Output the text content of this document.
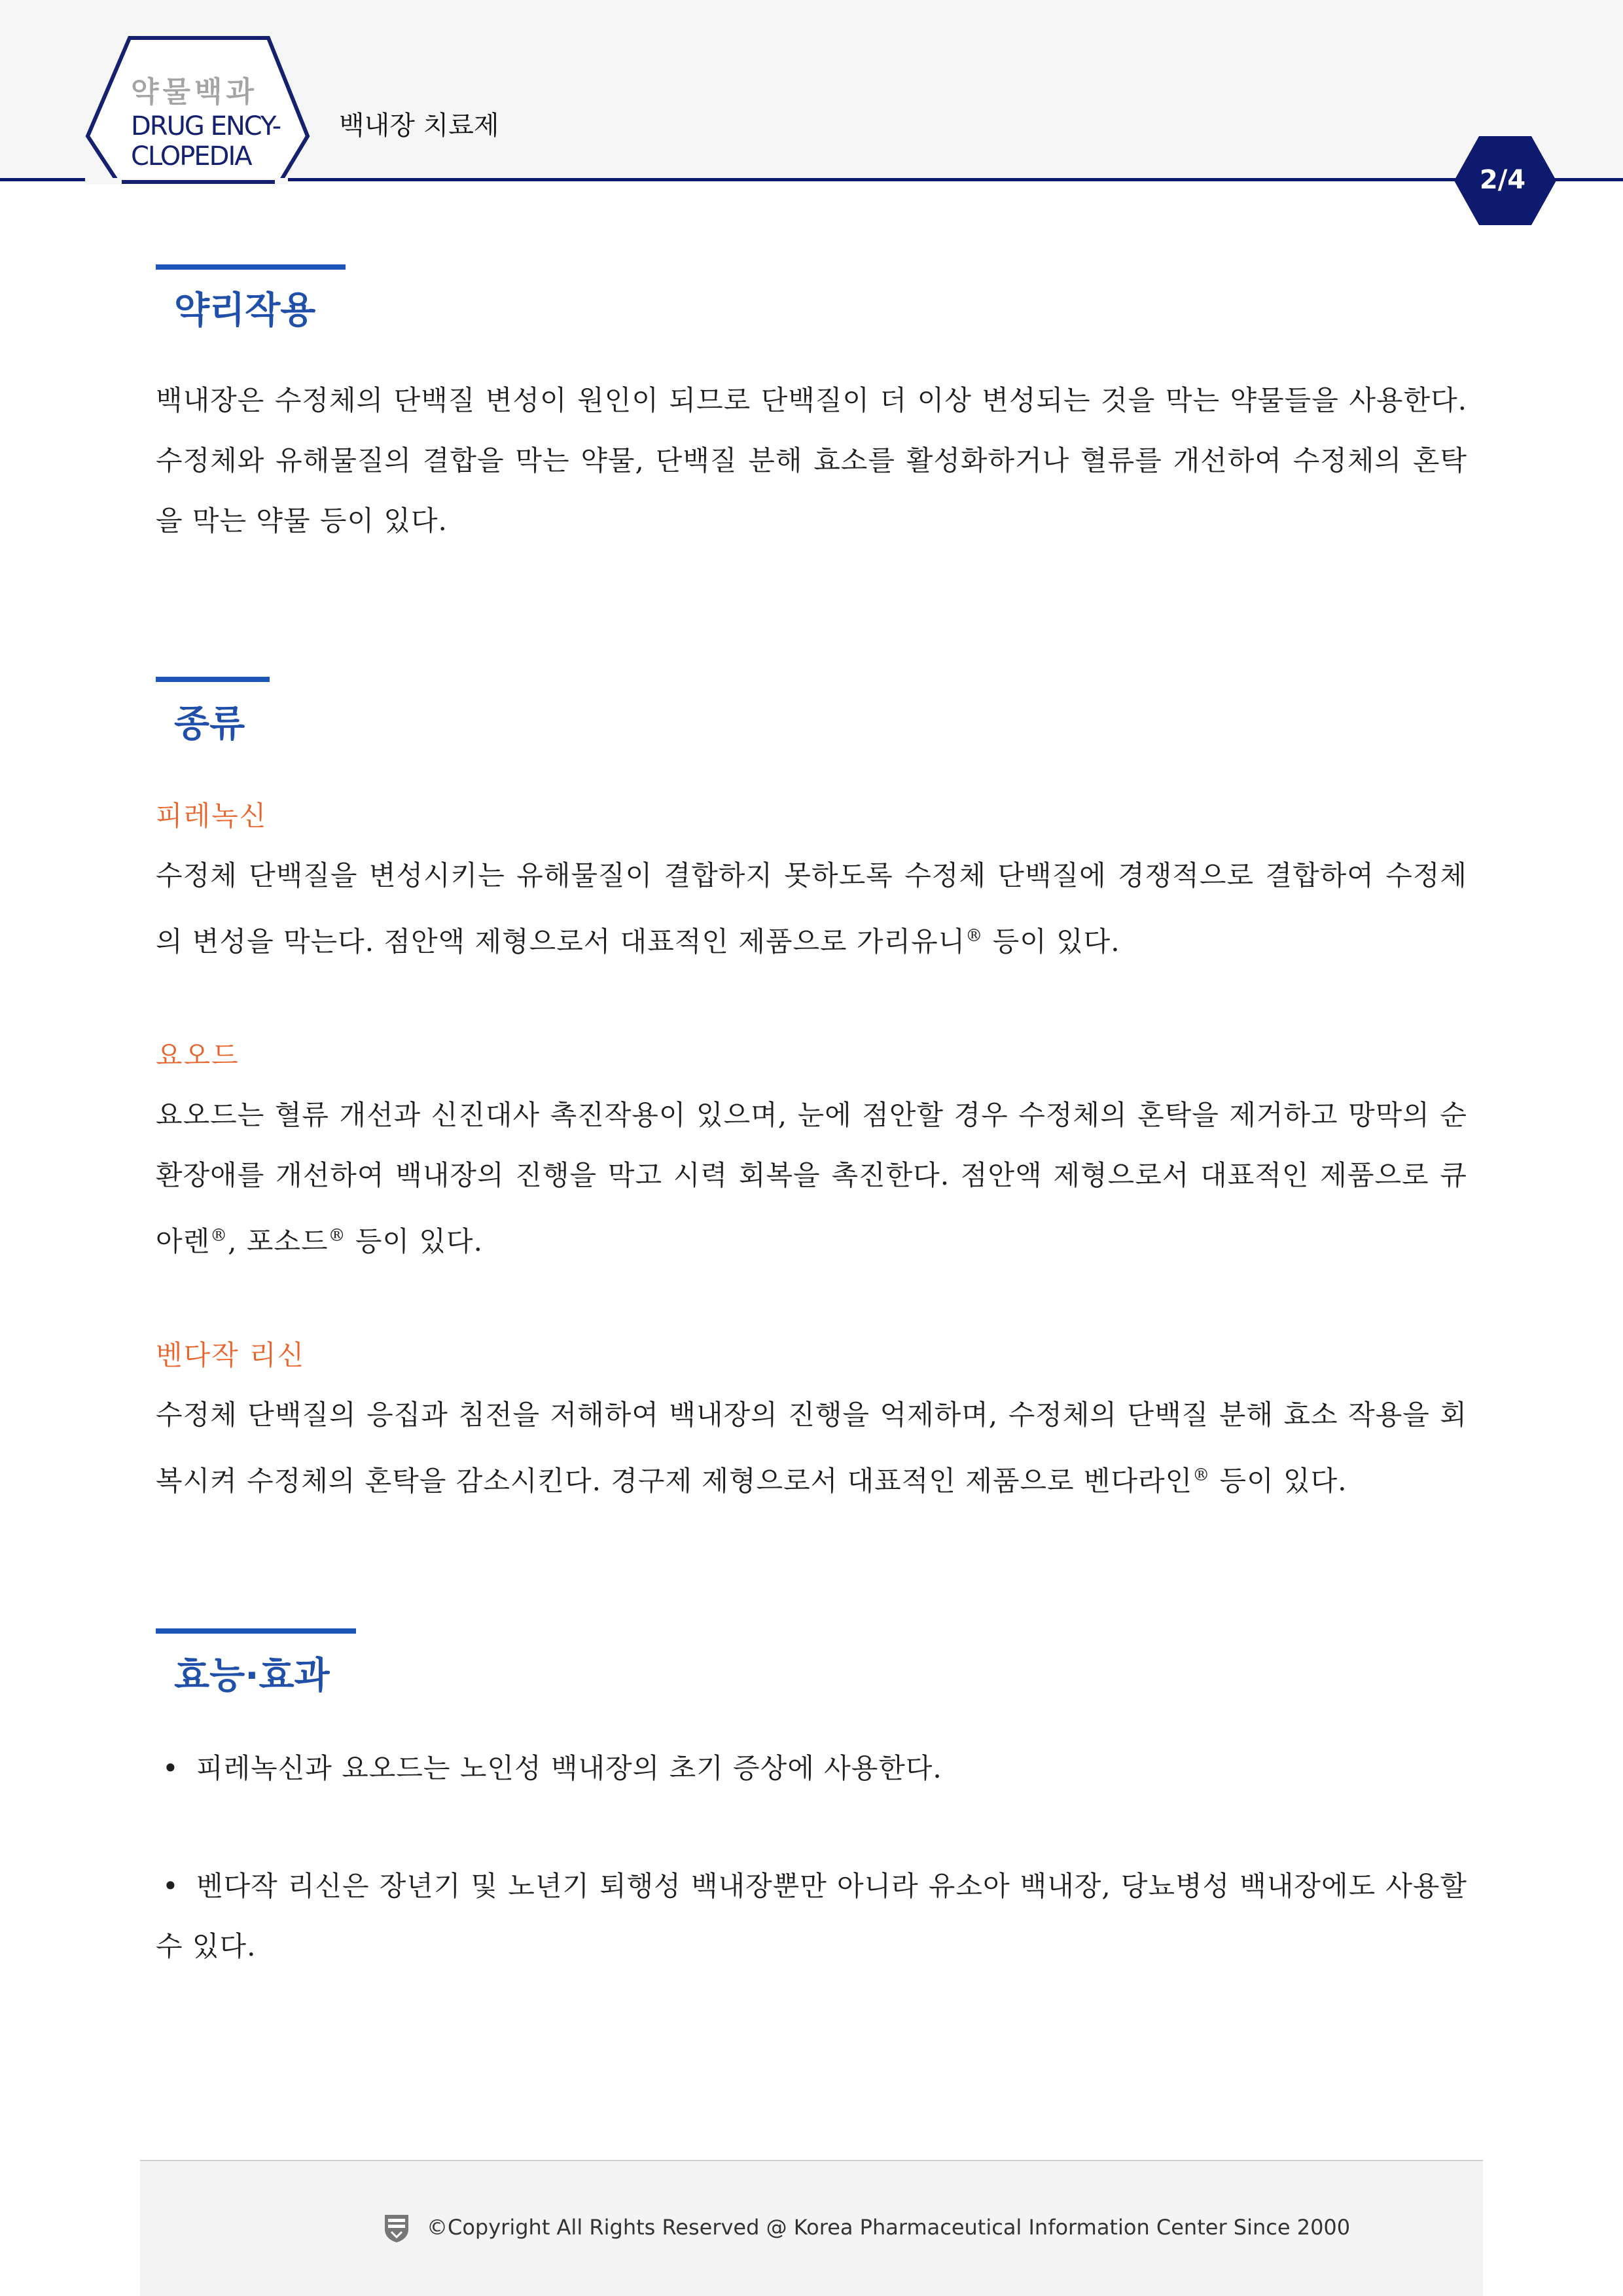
약물백과
DRUG ENCY-
CLOPEDIA
백내장 치료제
2/4
약리작용

백내장은 수정체의 단백질 변성이 원인이 되므로 단백질이 더 이상 변성되는 것을 막는 약물들을 사용한다. 수정체와 유해물질의 결합을 막는 약물, 단백질 분해 효소를 활성화하거나 혈류를 개선하여 수정체의 혼탁을 막는 약물 등이 있다.

종류
피레녹신

수정체 단백질을 변성시키는 유해물질이 결합하지 못하도록 수정체 단백질에 경쟁적으로 결합하여 수정체의 변성을 막는다. 점안액 제형으로서 대표적인 제품으로 가리유니® 등이 있다.

요오드

요오드는 혈류 개선과 신진대사 촉진작용이 있으며, 눈에 점안할 경우 수정체의 혼탁을 제거하고 망막의 순환장애를 개선하여 백내장의 진행을 막고 시력 회복을 촉진한다. 점안액 제형으로서 대표적인 제품으로 큐아렌®, 포소드® 등이 있다.

벤다작 리신

수정체 단백질의 응집과 침전을 저해하여 백내장의 진행을 억제하며, 수정체의 단백질 분해 효소 작용을 회복시켜 수정체의 혼탁을 감소시킨다. 경구제 제형으로서 대표적인 제품으로 벤다라인® 등이 있다.

효능·효과

• 피레녹신과 요오드는 노인성 백내장의 초기 증상에 사용한다.

• 벤다작 리신은 장년기 및 노년기 퇴행성 백내장뿐만 아니라 유소아 백내장, 당뇨병성 백내장에도 사용할 수 있다.

©Copyright All Rights Reserved @ Korea Pharmaceutical Information Center Since 2000
